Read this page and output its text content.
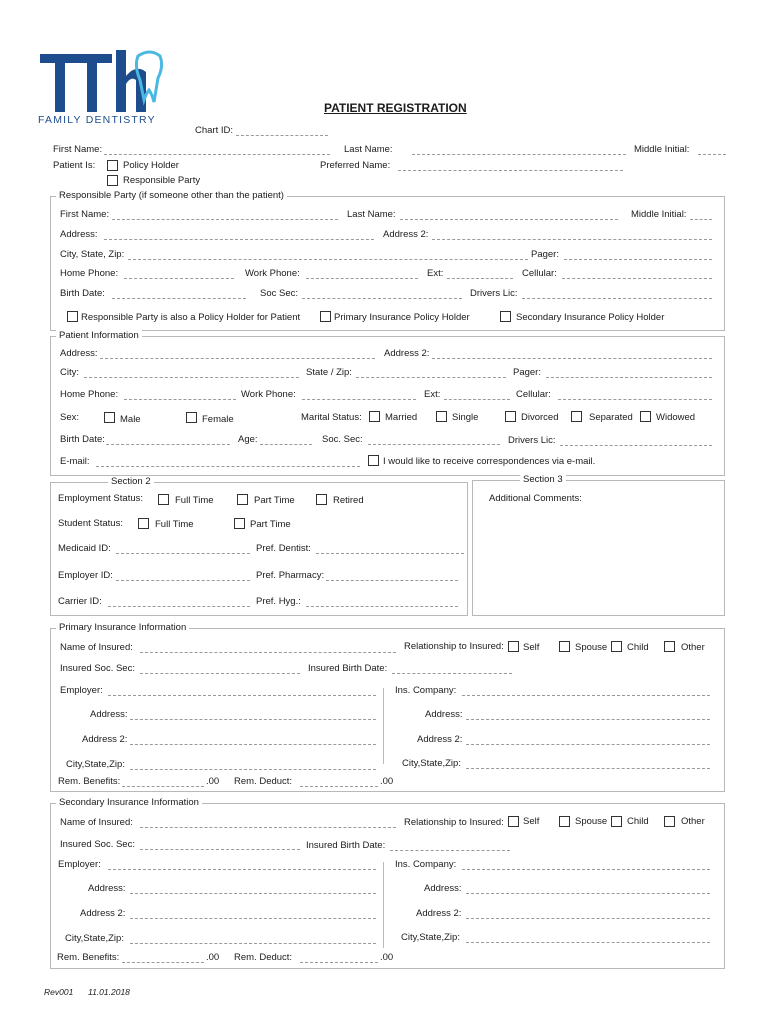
FAMILY DENTISTRY
PATIENT REGISTRATION
Chart ID:
First Name:	Last Name:	Middle Initial:
Patient Is:	Policy Holder
Responsible Party
Preferred Name:
Responsible Party (if someone other than the patient)
First Name:	Last Name:	Middle Initial:
Address:	Address 2:
City, State, Zip:	Pager:
Home Phone:	Work Phone:	Ext:	Cellular:
Birth Date:	Soc Sec:	Drivers Lic:
Responsible Party is also a Policy Holder for Patient	Primary Insurance Policy Holder	Secondary Insurance Policy Holder
Patient Information
Address:	Address 2:
City:	State / Zip:	Pager:
Home Phone:	Work Phone:	Ext:	Cellular:
Sex:	Male	Female	Marital Status: Married	Single	Divorced	Separated Widowed
Birth Date:	Age:	Soc. Sec:	Drivers Lic:
E-mail:	I would like to receive correspondences via e-mail.
Section 2
Employment Status:	Full Time	Part Time	Retired
Student Status:	Full Time	Part Time
Medicaid ID:	Pref. Dentist:
Employer ID:	Pref. Pharmacy:
Carrier ID:	Pref. Hyg.:
Section 3
Additional Comments:
Primary Insurance Information
Name of Insured:	Relationship to Insured: Self	Spouse Child	Other
Insured Soc. Sec:	Insured Birth Date:
Employer:	Ins. Company:
Address:	Address:
Address 2:	Address 2:
City,State,Zip:	City,State,Zip:
Rem. Benefits:	.00 Rem. Deduct:	.00
Secondary Insurance Information
Name of Insured:	Relationship to Insured: Self	Spouse Child	Other
Insured Soc. Sec:	Insured Birth Date:
Employer:	Ins. Company:
Address:	Address:
Address 2:	Address 2:
City,State,Zip:	City,State,Zip:
Rem. Benefits:	.00 Rem. Deduct:	.00
Rev001 11.01.2018
